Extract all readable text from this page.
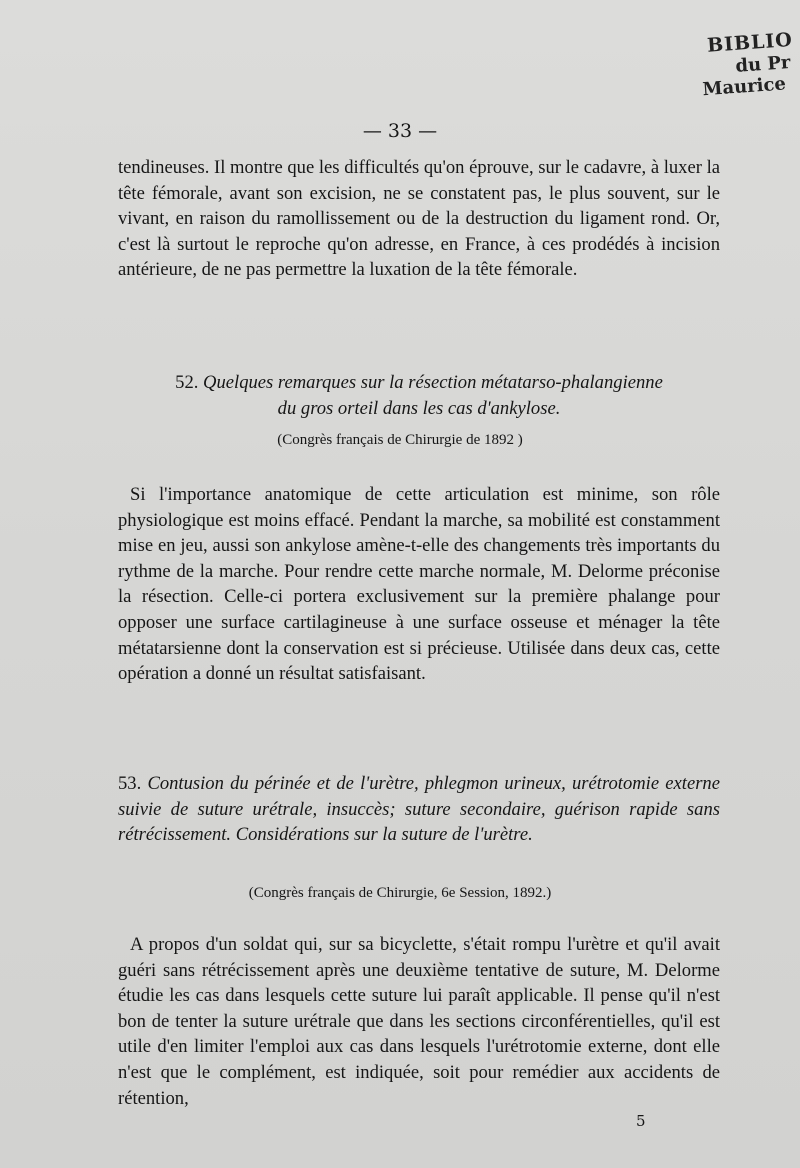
BIBLIO
du Pr
Maurice
— 33 —

tendineuses. Il montre que les difficultés qu'on éprouve, sur le cadavre, à luxer la tête fémorale, avant son excision, ne se constatent pas, le plus souvent, sur le vivant, en raison du ramollissement ou de la destruction du ligament rond. Or, c'est là surtout le reproche qu'on adresse, en France, à ces prodédés à incision antérieure, de ne pas permettre la luxation de la tête fémorale.

52. Quelques remarques sur la résection métatarso-phalangienne

du gros orteil dans les cas d'ankylose.

(Congrès français de Chirurgie de 1892 )

Si l'importance anatomique de cette articulation est minime, son rôle physiologique est moins effacé. Pendant la marche, sa mobilité est constamment mise en jeu, aussi son ankylose amène-t-elle des changements très importants du rythme de la marche. Pour rendre cette marche normale, M. Delorme préconise la résection. Celle-ci portera exclusivement sur la première phalange pour opposer une surface cartilagineuse à une surface osseuse et ménager la tête métatarsienne dont la conservation est si précieuse. Utilisée dans deux cas, cette opération a donné un résultat satisfaisant.

53. Contusion du périnée et de l'urètre, phlegmon urineux, urétrotomie externe suivie de suture urétrale, insuccès; suture secondaire, guérison rapide sans rétrécissement. Considérations sur la suture de l'urètre.

(Congrès français de Chirurgie, 6e Session, 1892.)

A propos d'un soldat qui, sur sa bicyclette, s'était rompu l'urètre et qu'il avait guéri sans rétrécissement après une deuxième tentative de suture, M. Delorme étudie les cas dans lesquels cette suture lui paraît applicable. Il pense qu'il n'est bon de tenter la suture urétrale que dans les sections circonférentielles, qu'il est utile d'en limiter l'emploi aux cas dans lesquels l'urétrotomie externe, dont elle n'est que le complément, est indiquée, soit pour remédier aux accidents de rétention,

5
